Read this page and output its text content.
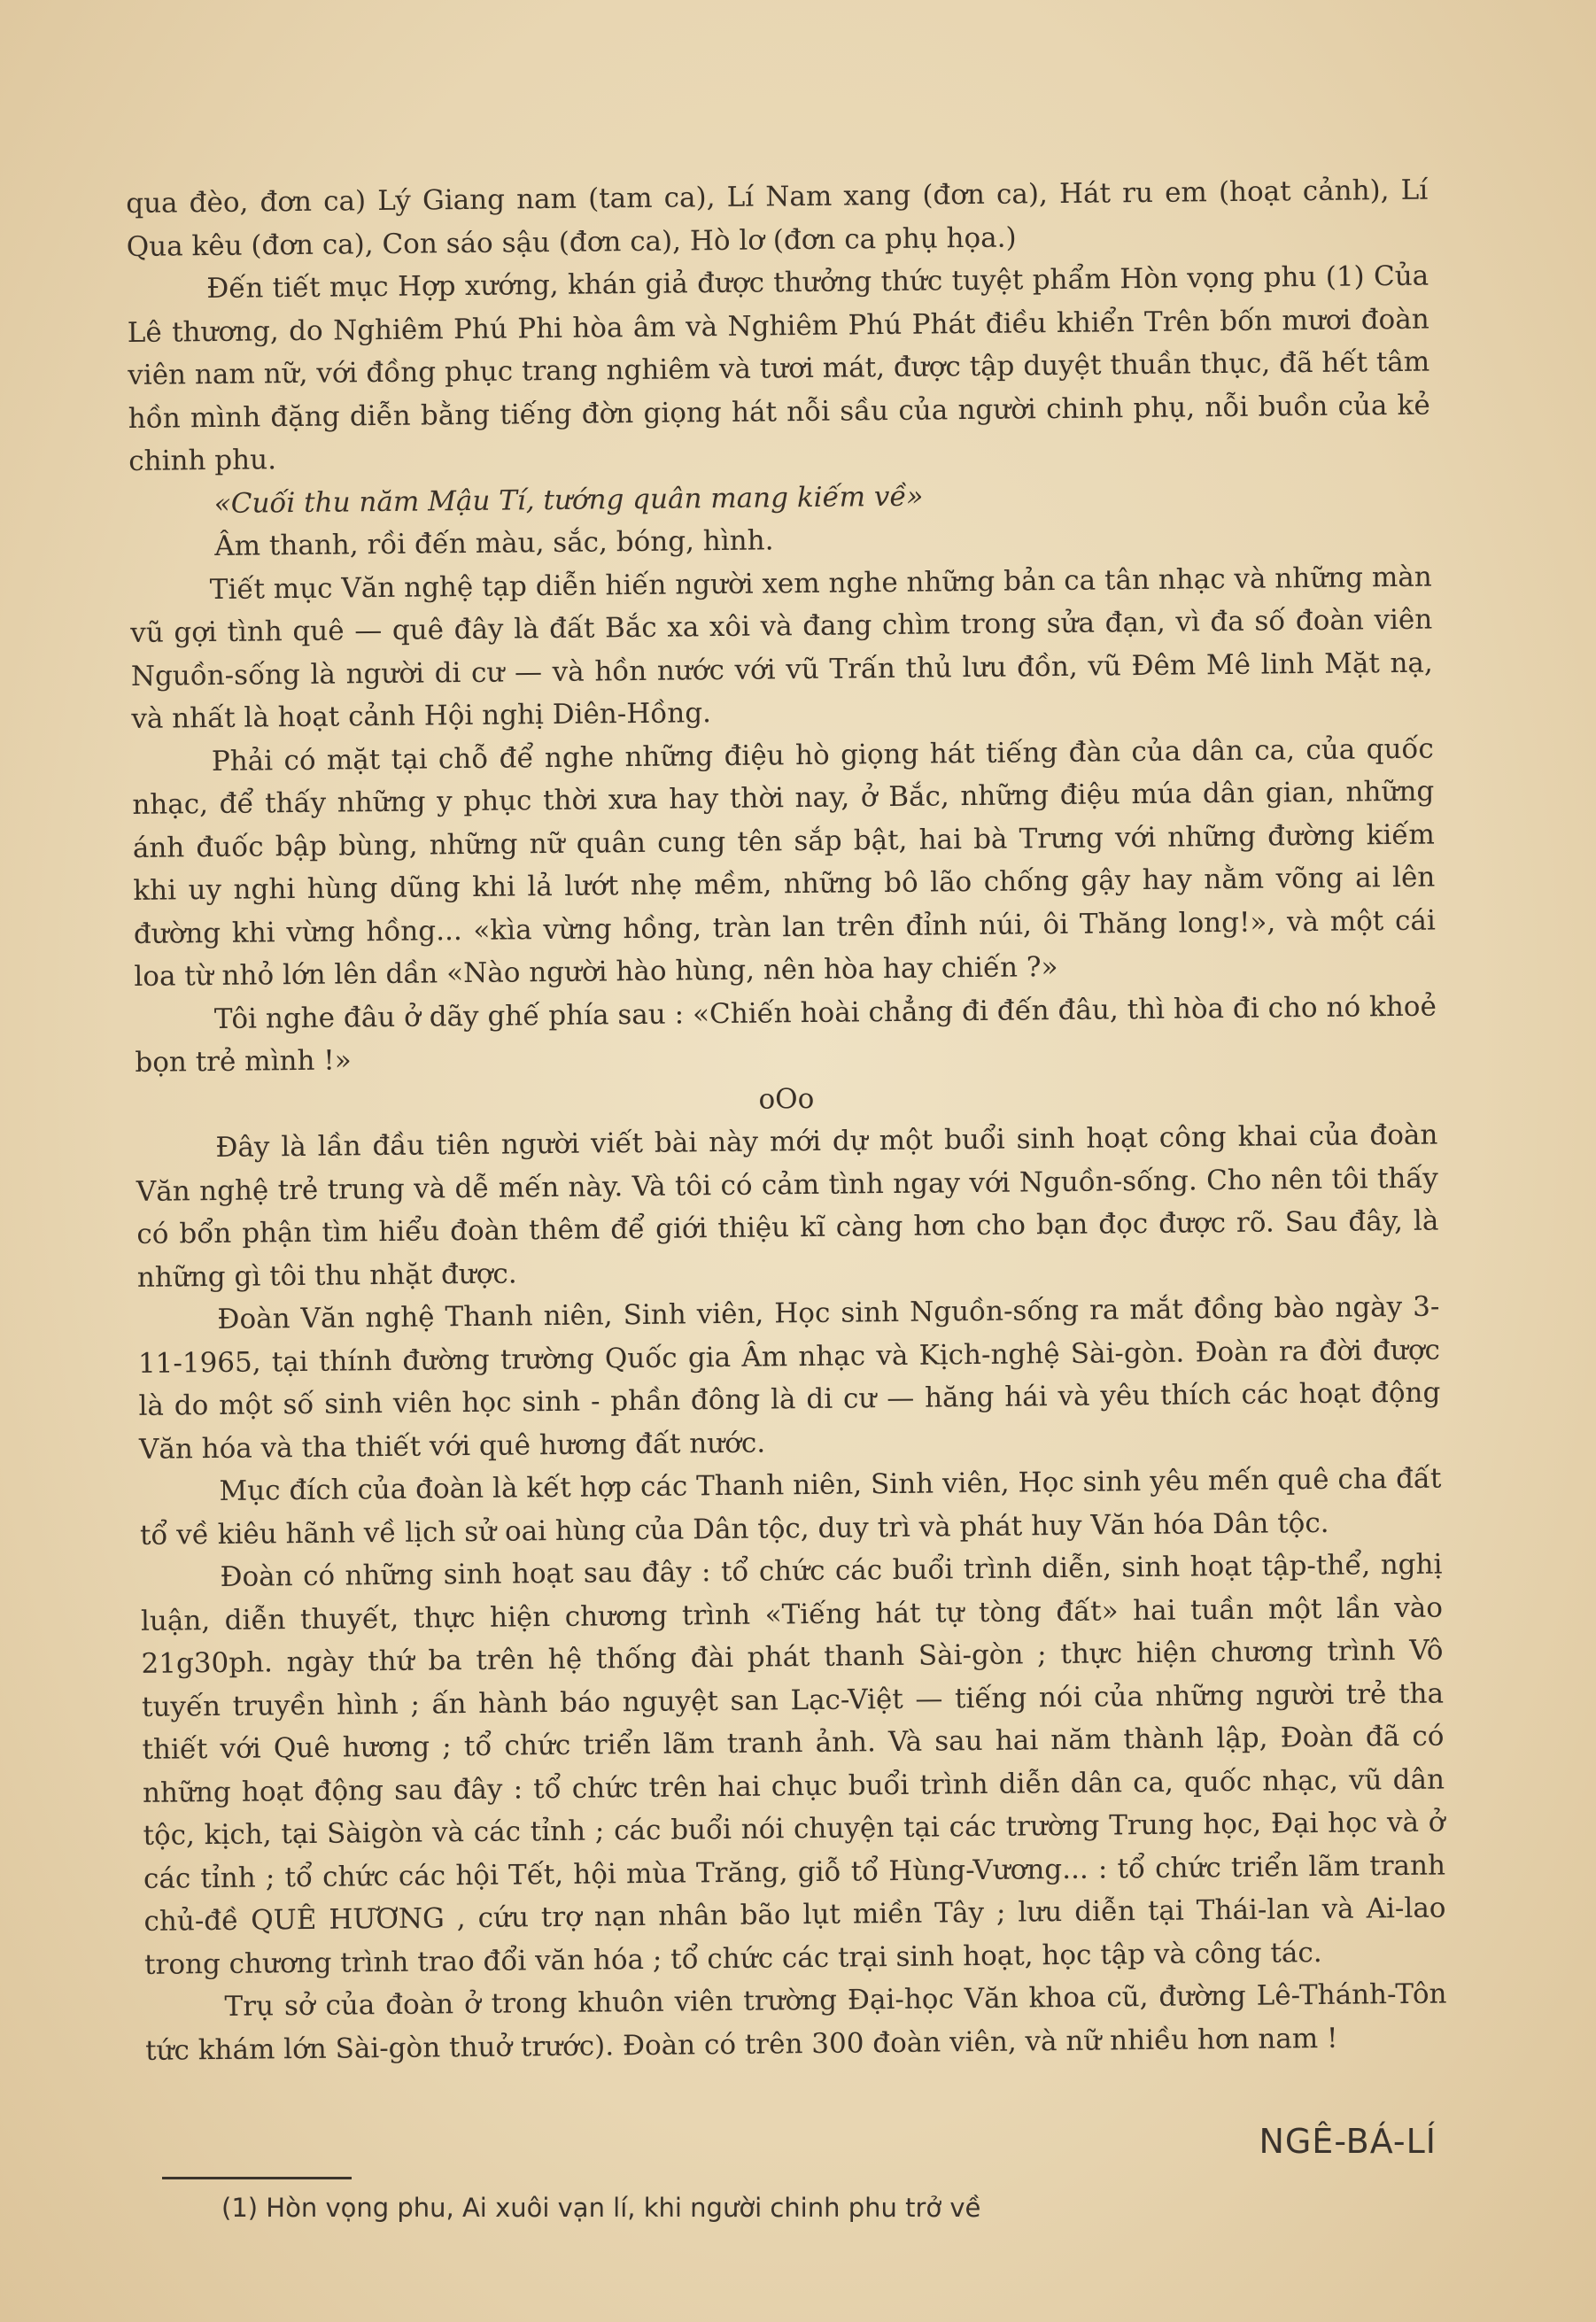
qua đèo, đơn ca) Lý Giang nam (tam ca), Lí Nam xang (đơn ca), Hát ru em (hoạt cảnh), Lí Qua kêu (đơn ca), Con sáo sậu (đơn ca), Hò lơ (đơn ca phụ họa.)

Đến tiết mục Hợp xướng, khán giả được thưởng thức tuyệt phẩm Hòn vọng phu (1) Của Lê thương, do Nghiêm Phú Phi hòa âm và Nghiêm Phú Phát điều khiển Trên bốn mươi đoàn viên nam nữ, với đồng phục trang nghiêm và tươi mát, được tập duyệt thuần thục, đã hết tâm hồn mình đặng diễn bằng tiếng đờn giọng hát nỗi sầu của người chinh phụ, nỗi buồn của kẻ chinh phu.

«Cuối thu năm Mậu Tí, tướng quân mang kiếm về»

Âm thanh, rồi đến màu, sắc, bóng, hình.

Tiết mục Văn nghệ tạp diễn hiến người xem nghe những bản ca tân nhạc và những màn vũ gợi tình quê — quê đây là đất Bắc xa xôi và đang chìm trong sửa đạn, vì đa số đoàn viên Nguồn-sống là người di cư — và hồn nước với vũ Trấn thủ lưu đồn, vũ Đêm Mê linh Mặt nạ, và nhất là hoạt cảnh Hội nghị Diên-Hồng.

Phải có mặt tại chỗ để nghe những điệu hò giọng hát tiếng đàn của dân ca, của quốc nhạc, để thấy những y phục thời xưa hay thời nay, ở Bắc, những điệu múa dân gian, những ánh đuốc bập bùng, những nữ quân cung tên sắp bật, hai bà Trưng với những đường kiếm khi uy nghi hùng dũng khi lả lướt nhẹ mềm, những bô lão chống gậy hay nằm võng ai lên đường khi vừng hồng... «kìa vừng hồng, tràn lan trên đỉnh núi, ôi Thăng long!», và một cái loa từ nhỏ lớn lên dần «Nào người hào hùng, nên hòa hay chiến ?»

Tôi nghe đâu ở dãy ghế phía sau : «Chiến hoài chẳng đi đến đâu, thì hòa đi cho nó khoẻ bọn trẻ mình !»

oOo

Đây là lần đầu tiên người viết bài này mới dự một buổi sinh hoạt công khai của đoàn Văn nghệ trẻ trung và dễ mến này. Và tôi có cảm tình ngay với Nguồn-sống. Cho nên tôi thấy có bổn phận tìm hiểu đoàn thêm để giới thiệu kĩ càng hơn cho bạn đọc được rõ. Sau đây, là những gì tôi thu nhặt được.

Đoàn Văn nghệ Thanh niên, Sinh viên, Học sinh Nguồn-sống ra mắt đồng bào ngày 3-11-1965, tại thính đường trường Quốc gia Âm nhạc và Kịch-nghệ Sài-gòn. Đoàn ra đời được là do một số sinh viên học sinh - phần đông là di cư — hăng hái và yêu thích các hoạt động Văn hóa và tha thiết với quê hương đất nước.

Mục đích của đoàn là kết hợp các Thanh niên, Sinh viên, Học sinh yêu mến quê cha đất tổ về kiêu hãnh về lịch sử oai hùng của Dân tộc, duy trì và phát huy Văn hóa Dân tộc.

Đoàn có những sinh hoạt sau đây : tổ chức các buổi trình diễn, sinh hoạt tập-thể, nghị luận, diễn thuyết, thực hiện chương trình «Tiếng hát tự tòng đất» hai tuần một lần vào 21g30ph. ngày thứ ba trên hệ thống đài phát thanh Sài-gòn ; thực hiện chương trình Vô tuyến truyền hình ; ấn hành báo nguyệt san Lạc-Việt — tiếng nói của những người trẻ tha thiết với Quê hương ; tổ chức triển lãm tranh ảnh. Và sau hai năm thành lập, Đoàn đã có những hoạt động sau đây : tổ chức trên hai chục buổi trình diễn dân ca, quốc nhạc, vũ dân tộc, kịch, tại Sàigòn và các tỉnh ; các buổi nói chuyện tại các trường Trung học, Đại học và ở các tỉnh ; tổ chức các hội Tết, hội mùa Trăng, giỗ tổ Hùng-Vương... : tổ chức triển lãm tranh chủ-đề QUÊ HƯƠNG , cứu trợ nạn nhân bão lụt miền Tây ; lưu diễn tại Thái-lan và Ai-lao trong chương trình trao đổi văn hóa ; tổ chức các trại sinh hoạt, học tập và công tác.

Trụ sở của đoàn ở trong khuôn viên trường Đại-học Văn khoa cũ, đường Lê-Thánh-Tôn tức khám lớn Sài-gòn thuở trước). Đoàn có trên 300 đoàn viên, và nữ nhiều hơn nam !

NGÊ-BÁ-LÍ
(1) Hòn vọng phu, Ai xuôi vạn lí, khi người chinh phu trở về
